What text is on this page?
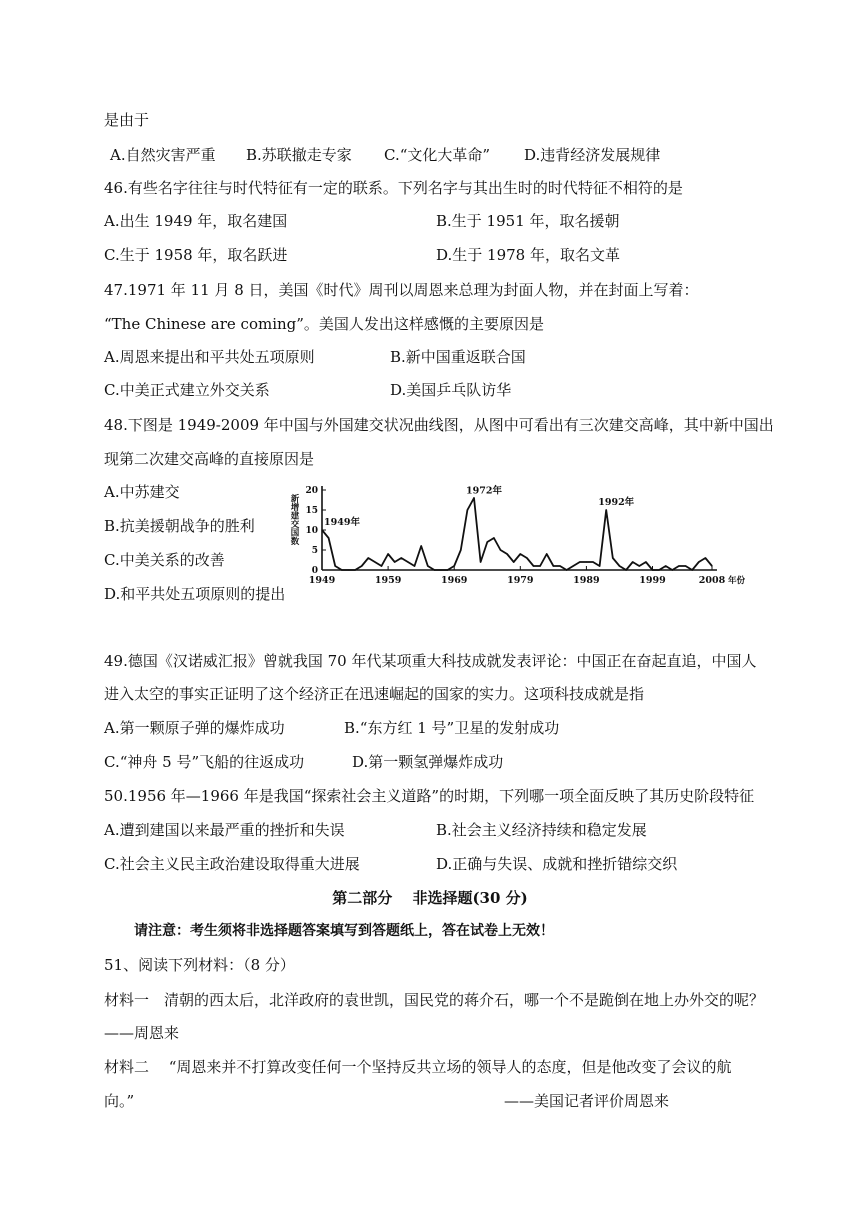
是由于
A.自然灾害严重 B.苏联撤走专家 C.“文化大革命” D.违背经济发展规律
46.有些名字往往与时代特征有一定的联系。下列名字与其出生时的时代特征不相符的是
A.出生 1949 年，取名建国	B.生于 1951 年，取名援朝
C.生于 1958 年，取名跃进	D.生于 1978 年，取名文革
47.1971 年 11 月 8 日，美国《时代》周刊以周恩来总理为封面人物，并在封面上写着：
“The Chinese are coming”。美国人发出这样感慨的主要原因是
A.周恩来提出和平共处五项原则	B.新中国重返联合国
C.中美正式建立外交关系	D.美国乒乓队访华
48.下图是 1949-2009 年中国与外国建交状况曲线图，从图中可看出有三次建交高峰，其中新中国出
现第二次建交高峰的直接原因是
A.中苏建交
B.抗美援朝战争的胜利
C.中美关系的改善
D.和平共处五项原则的提出
0
5
10
15
20
1949	1959	1969	1979	1989	1999	2008
新增建交国数
年份
1949年
1972年
1992年
49.德国《汉诺威汇报》曾就我国 70 年代某项重大科技成就发表评论：中国正在奋起直追，中国人
进入太空的事实正证明了这个经济正在迅速崛起的国家的实力。这项科技成就是指
A.第一颗原子弹的爆炸成功	B.“东方红 1 号”卫星的发射成功
C.“神舟 5 号”飞船的往返成功	D.第一颗氢弹爆炸成功
50.1956 年—1966 年是我国“探索社会主义道路”的时期，下列哪一项全面反映了其历史阶段特征
A.遭到建国以来最严重的挫折和失误	B.社会主义经济持续和稳定发展
C.社会主义民主政治建设取得重大进展	D.正确与失误、成就和挫折错综交织
第二部分　 非选择题(30 分)
请注意：考生须将非选择题答案填写到答题纸上，答在试卷上无效！
51、阅读下列材料：（8 分）
材料一　清朝的西太后，北洋政府的袁世凯，国民党的蒋介石，哪一个不是跪倒在地上办外交的呢？
——周恩来
材料二　 “周恩来并不打算改变任何一个坚持反共立场的领导人的态度，但是他改变了会议的航
向。”	——美国记者评价周恩来
